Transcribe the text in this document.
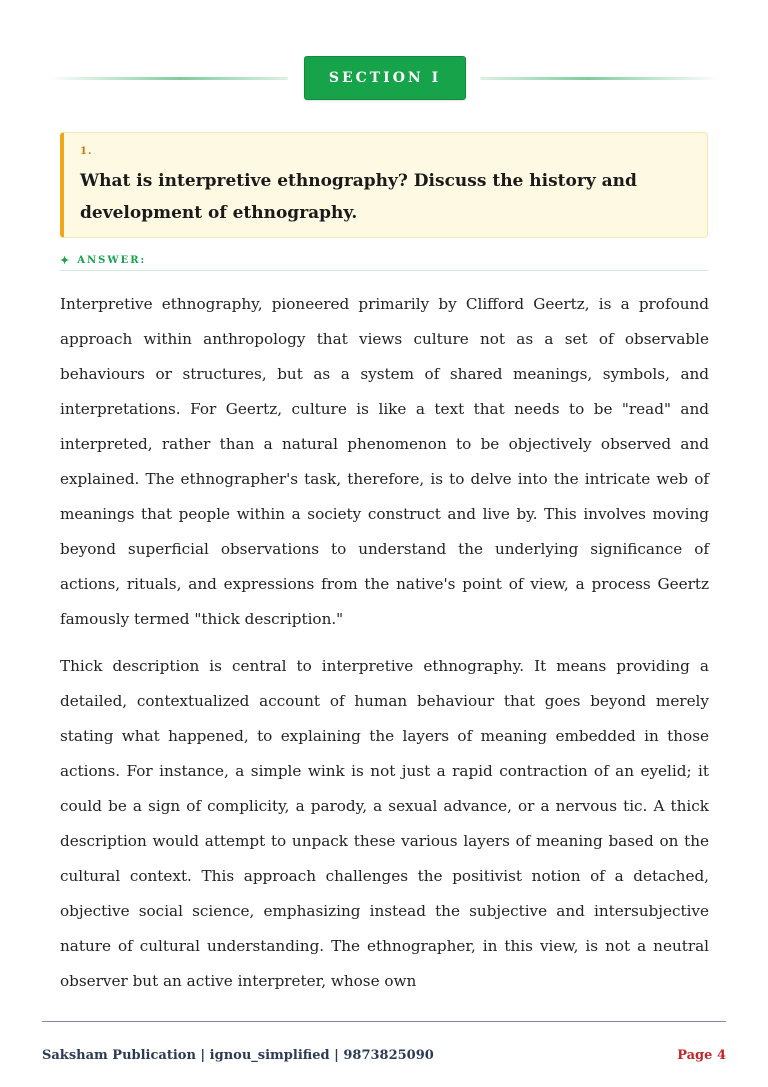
SECTION I
1.

What is interpretive ethnography? Discuss the history and development of ethnography.

✦ ANSWER:

Interpretive ethnography, pioneered primarily by Clifford Geertz, is a profound approach within anthropology that views culture not as a set of observable behaviours or structures, but as a system of shared meanings, symbols, and interpretations. For Geertz, culture is like a text that needs to be "read" and interpreted, rather than a natural phenomenon to be objectively observed and explained. The ethnographer's task, therefore, is to delve into the intricate web of meanings that people within a society construct and live by. This involves moving beyond superficial observations to understand the underlying significance of actions, rituals, and expressions from the native's point of view, a process Geertz famously termed "thick description."

Thick description is central to interpretive ethnography. It means providing a detailed, contextualized account of human behaviour that goes beyond merely stating what happened, to explaining the layers of meaning embedded in those actions. For instance, a simple wink is not just a rapid contraction of an eyelid; it could be a sign of complicity, a parody, a sexual advance, or a nervous tic. A thick description would attempt to unpack these various layers of meaning based on the cultural context. This approach challenges the positivist notion of a detached, objective social science, emphasizing instead the subjective and intersubjective nature of cultural understanding. The ethnographer, in this view, is not a neutral observer but an active interpreter, whose own

Saksham Publication | ignou_simplified | 9873825090	Page 4
